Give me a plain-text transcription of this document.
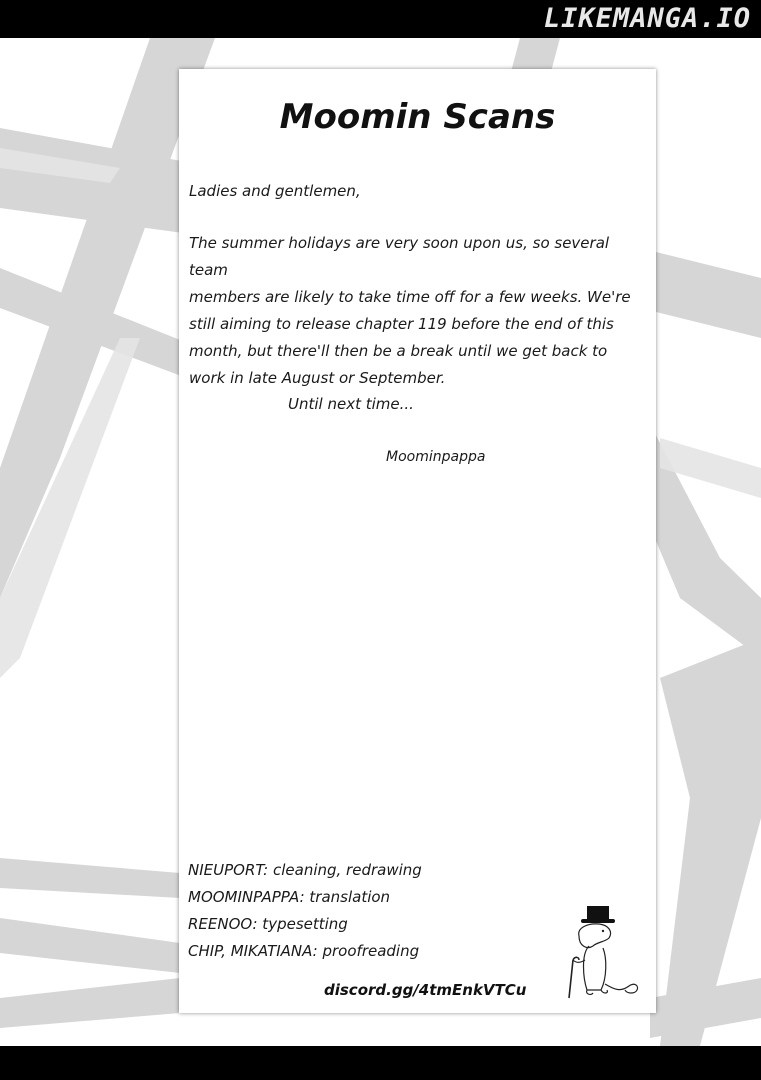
LIKEMANGA.IO
Moomin Scans

Ladies and gentlemen,

The summer holidays are very soon upon us, so several team
members are likely to take time off for a few weeks. We're
still aiming to release chapter 119 before the end of this
month, but there'll then be a break until we get back to
work in late August or September.

Until next time...

Moominpappa

NIEUPORT: cleaning, redrawing
MOOMINPAPPA: translation
REENOO: typesetting
CHIP, MIKATIANA: proofreading
discord.gg/4tmEnkVTCu
